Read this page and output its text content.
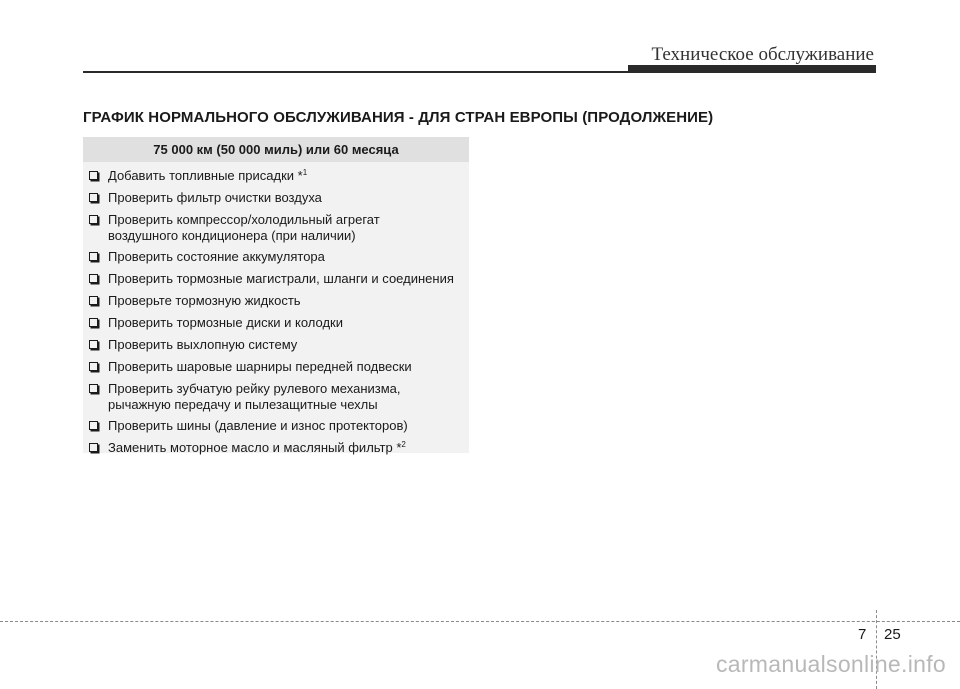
Техническое обслуживание
ГРАФИК НОРМАЛЬНОГО ОБСЛУЖИВАНИЯ - ДЛЯ СТРАН ЕВРОПЫ (ПРОДОЛЖЕНИЕ)
75 000 км (50 000 миль) или 60 месяца
Добавить топливные присадки *$^1$
Проверить фильтр очистки воздуха
Проверить компрессор/холодильный агрегат
воздушного кондиционера (при наличии)
Проверить состояние аккумулятора
Проверить тормозные магистрали, шланги и соединения
Проверьте тормозную жидкость
Проверить тормозные диски и колодки
Проверить выхлопную систему
Проверить шаровые шарниры передней подвески
Проверить зубчатую рейку рулевого механизма,
рычажную передачу и пылезащитные чехлы
Проверить шины (давление и износ протекторов)
Заменить моторное масло и масляный фильтр *$^2$
7 25
carmanualsonline.info
